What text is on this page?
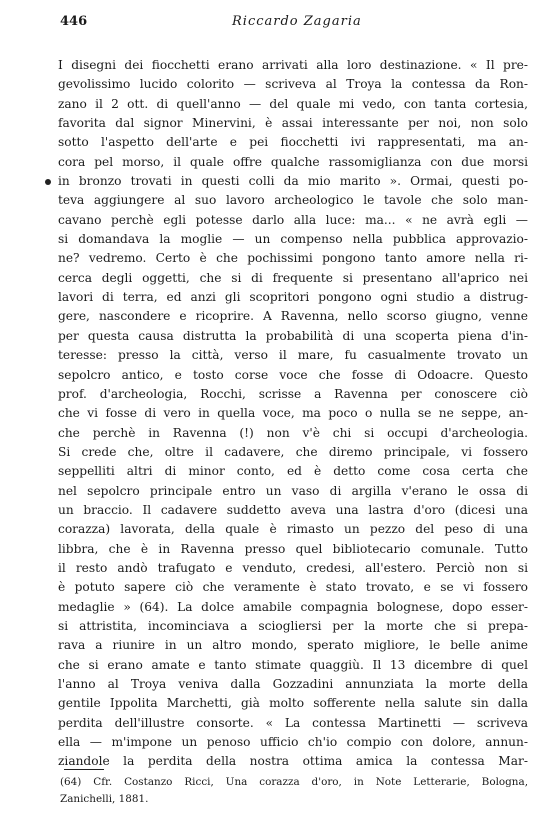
446	Riccardo Zagaria
I disegni dei fiocchetti erano arrivati alla loro destinazione. « Il pre-
gevolissimo lucido colorito — scriveva al Troya la contessa da Ron-
zano il 2 ott. di quell'anno — del quale mi vedo, con tanta cortesia,
favorita dal signor Minervini, è assai interessante per noi, non solo
sotto l'aspetto dell'arte e pei fiocchetti ivi rappresentati, ma an-
cora pel morso, il quale offre qualche rassomiglianza con due morsi
in bronzo trovati in questi colli da mio marito ». Ormai, questi po-
teva aggiungere al suo lavoro archeologico le tavole che solo man-
cavano perchè egli potesse darlo alla luce: ma... « ne avrà egli —
si domandava la moglie — un compenso nella pubblica approvazio-
ne? vedremo. Certo è che pochissimi pongono tanto amore nella ri-
cerca degli oggetti, che si di frequente si presentano all'aprico nei
lavori di terra, ed anzi gli scopritori pongono ogni studio a distrug-
gere, nascondere e ricoprire. A Ravenna, nello scorso giugno, venne
per questa causa distrutta la probabilità di una scoperta piena d'in-
teresse: presso la città, verso il mare, fu casualmente trovato un
sepolcro antico, e tosto corse voce che fosse di Odoacre. Questo
prof. d'archeologia, Rocchi, scrisse a Ravenna per conoscere ciò
che vi fosse di vero in quella voce, ma poco o nulla se ne seppe, an-
che perchè in Ravenna (!) non v'è chi si occupi d'archeologia.
Si crede che, oltre il cadavere, che diremo principale, vi fossero
seppelliti altri di minor conto, ed è detto come cosa certa che
nel sepolcro principale entro un vaso di argilla v'erano le ossa di
un braccio. Il cadavere suddetto aveva una lastra d'oro (dicesi una
corazza) lavorata, della quale è rimasto un pezzo del peso di una
libbra, che è in Ravenna presso quel bibliotecario comunale. Tutto
il resto andò trafugato e venduto, credesi, all'estero. Perciò non si
è potuto sapere ciò che veramente è stato trovato, e se vi fossero
medaglie » (64). La dolce amabile compagnia bolognese, dopo esser-
si attristita, incominciava a sciogliersi per la morte che si prepa-
rava a riunire in un altro mondo, sperato migliore, le belle anime
che si erano amate e tanto stimate quaggiù. Il 13 dicembre di quel
l'anno al Troya veniva dalla Gozzadini annunziata la morte della
gentile Ippolita Marchetti, già molto sofferente nella salute sin dalla
perdita dell'illustre consorte. « La contessa Martinetti — scriveva
ella — m'impone un penoso ufficio ch'io compio con dolore, annun-
ziandole la perdita della nostra ottima amica la contessa Mar-
(64) Cfr. Costanzo Ricci, Una corazza d'oro, in Note Letterarie, Bologna,
Zanichelli, 1881.
